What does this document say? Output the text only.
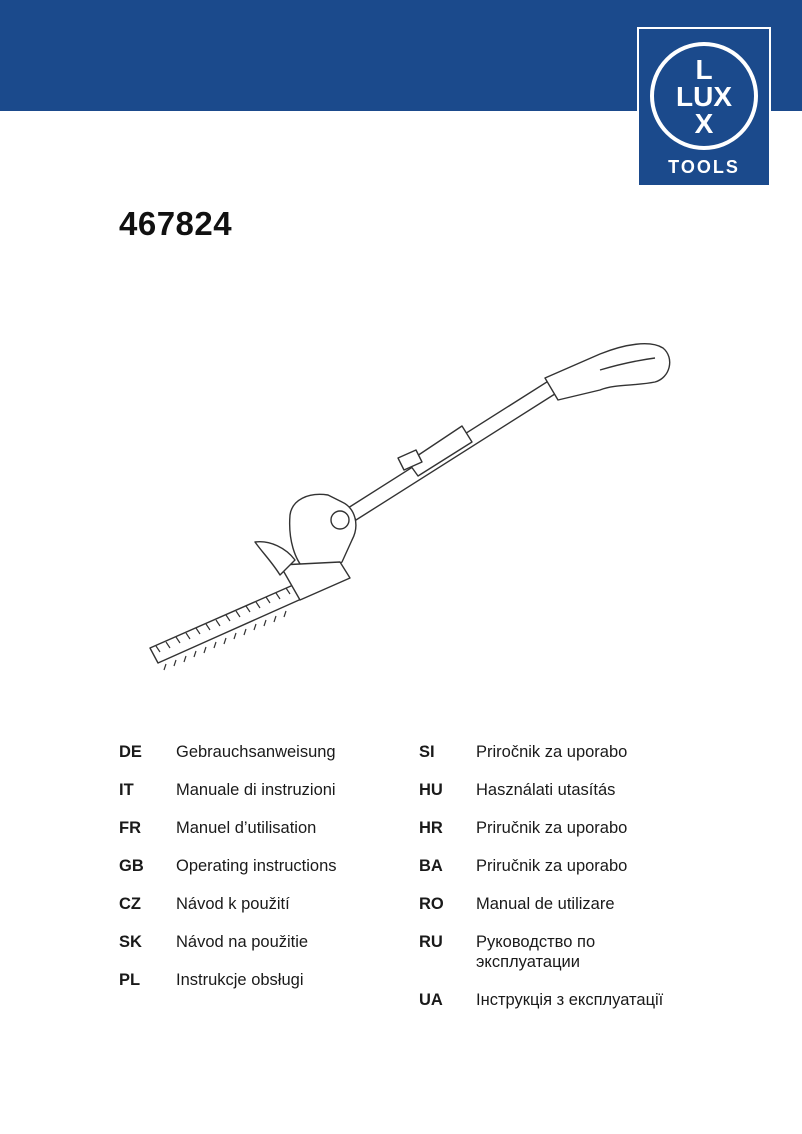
L
LUX
X
TOOLS
467824
DE	Gebrauchsanweisung
IT	Manuale di instruzioni
FR	Manuel d’utilisation
GB	Operating instructions
CZ	Návod k použití
SK	Návod na použitie
PL	Instrukcje obsługi
SI	Priročnik za uporabo
HU	Használati utasítás
HR	Priručnik za uporabo
BA	Priručnik za uporabo
RO	Manual de utilizare
RU	Руководство по эксплуатации
UA	Інструкція з експлуатації
